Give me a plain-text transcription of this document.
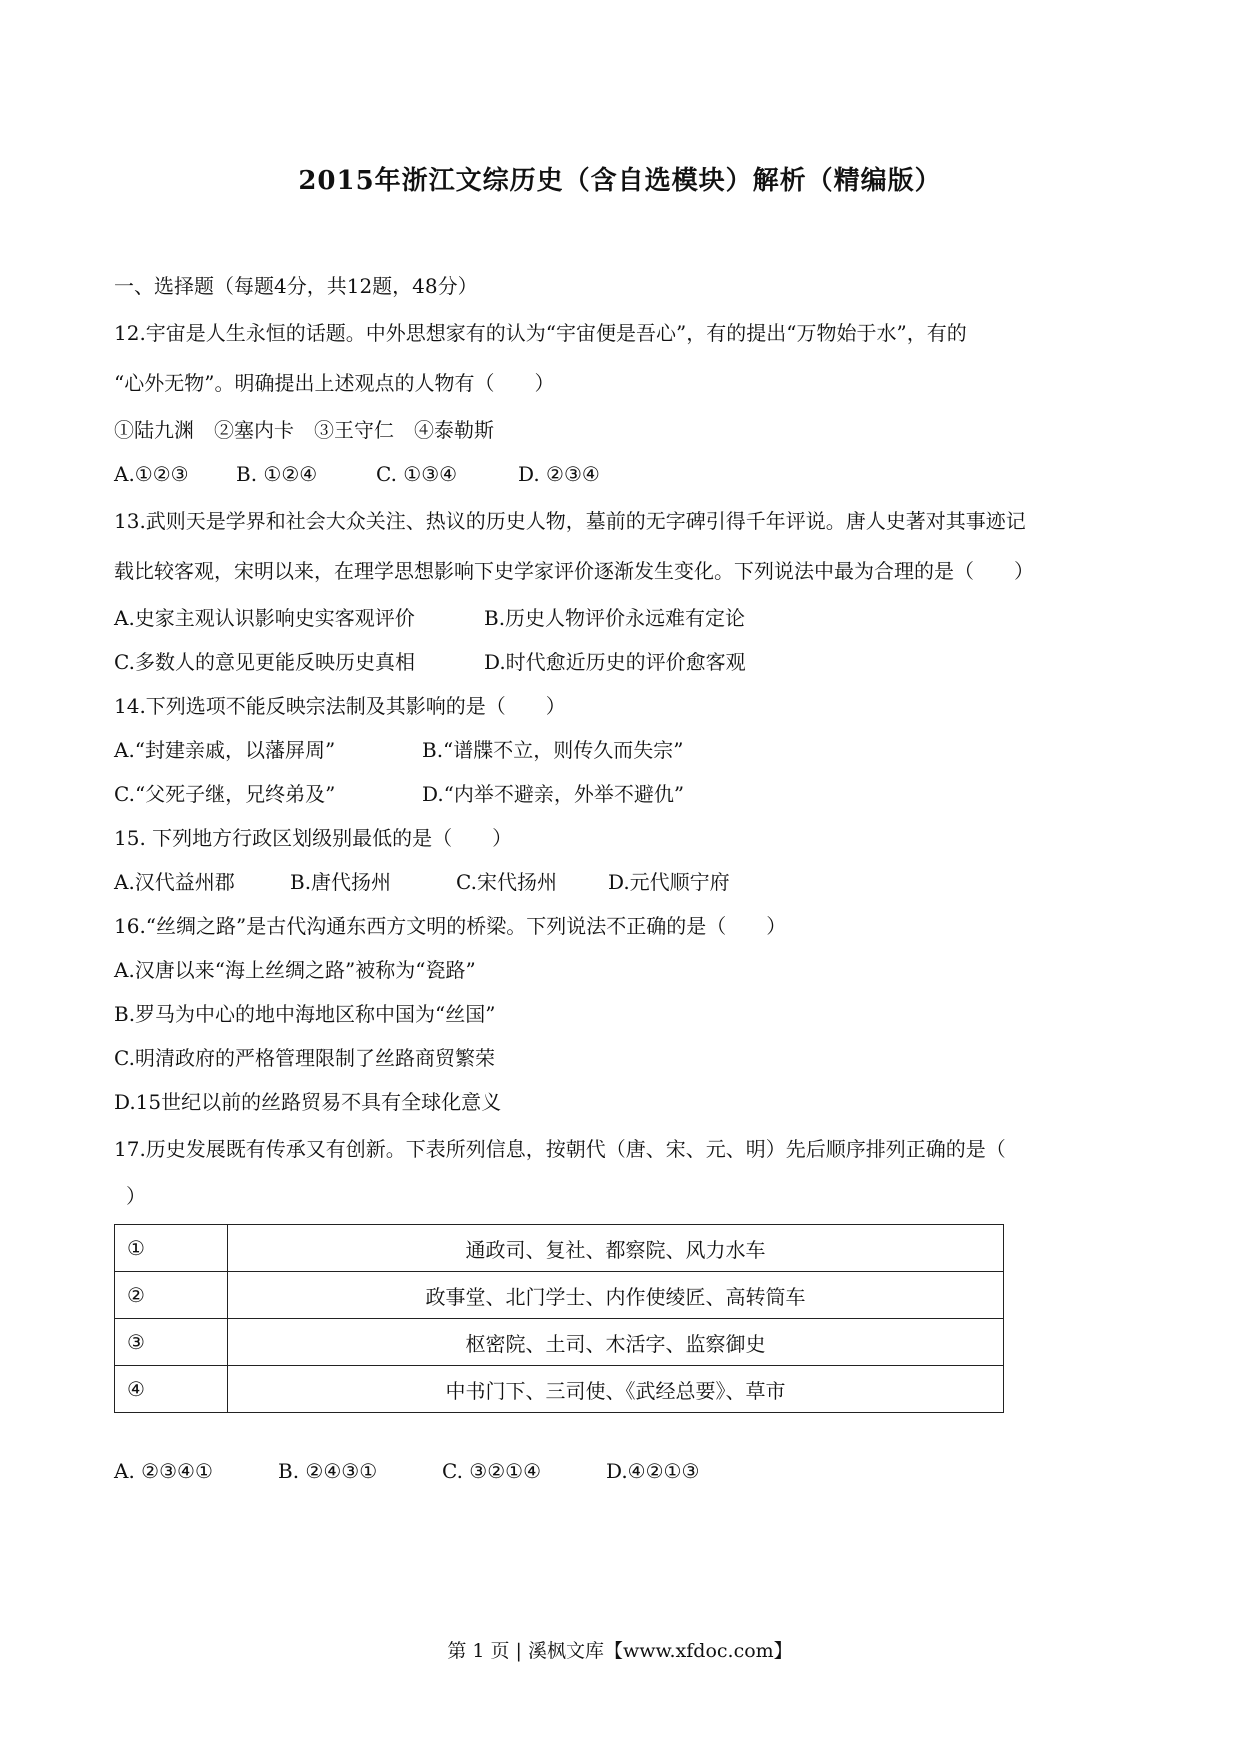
2015年浙江文综历史（含自选模块）解析（精编版）
一、选择题（每题4分，共12题，48分）
12.宇宙是人生永恒的话题。中外思想家有的认为“宇宙便是吾心”，有的提出“万物始于水”，有的
“心外无物”。明确提出上述观点的人物有（　　）
①陆九渊　②塞内卡　③王守仁　④泰勒斯
A.①②③ B. ①②④	C. ①③④	D. ②③④
13.武则天是学界和社会大众关注、热议的历史人物，墓前的无字碑引得千年评说。唐人史著对其事迹记
载比较客观，宋明以来，在理学思想影响下史学家评价逐渐发生变化。下列说法中最为合理的是（　　）
A.史家主观认识影响史实客观评价	B.历史人物评价永远难有定论
C.多数人的意见更能反映历史真相	D.时代愈近历史的评价愈客观
14.下列选项不能反映宗法制及其影响的是（　　）
A.“封建亲戚，以藩屏周”	B.“谱牒不立，则传久而失宗”
C.“父死子继，兄终弟及”	D.“内举不避亲，外举不避仇”
15. 下列地方行政区划级别最低的是（　　）
A.汉代益州郡	B.唐代扬州	C.宋代扬州	D.元代顺宁府
16.“丝绸之路”是古代沟通东西方文明的桥梁。下列说法不正确的是（　　）
A.汉唐以来“海上丝绸之路”被称为“瓷路”
B.罗马为中心的地中海地区称中国为“丝国”
C.明清政府的严格管理限制了丝路商贸繁荣
D.15世纪以前的丝路贸易不具有全球化意义
17.历史发展既有传承又有创新。下表所列信息，按朝代（唐、宋、元、明）先后顺序排列正确的是（
）
①	通政司、复社、都察院、风力水车
②	政事堂、北门学士、内作使绫匠、高转筒车
③	枢密院、土司、木活字、监察御史
④	中书门下、三司使、《武经总要》、草市
A. ②③④①	B. ②④③①	C. ③②①④	D.④②①③
第 1 页 | 溪枫文库【www.xfdoc.com】
